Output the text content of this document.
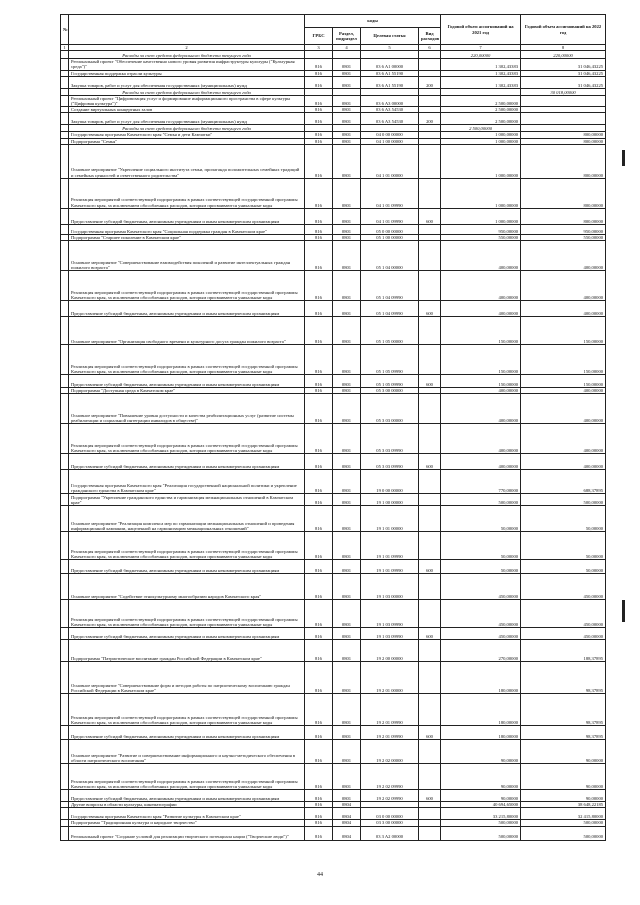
№		коды				Годовой объем ассигнований на 2021 год	Годовой объем ассигнований на 2022 год
		ГРБС	Раздел, подраздел	Целевая статья	Вид расходов		
1	2	3	4	5	6	7	8
	Расходы за счет средств федерального бюджета текущего года					220,00000	220,00000
	Региональный проект "Обеспечение качественно нового уровня развития инфраструктуры культуры ("Культурная среда")"	816	0801	03 6 A1 00000		1 302,43383	31 046,43225
	Государственная поддержка отрасли культуры	816	0801	03 6 A1 55190		1 302,43383	31 046,43225
	Закупка товаров, работ и услуг для обеспечения государственных (муниципальных) нужд	816	0801	03 6 A1 55190	200	1 302,43383	31 046,43225
	Расходы за счет средств федерального бюджета текущего года						30 018,00000
	Региональный проект "Цифровизация услуг и формирование информационного пространства в сфере культуры ("Цифровая культура")"	816	0801	03 6 A3 00000		2 500,00000	
	Создание виртуальных концертных залов	816	0801	03 6 A3 54530		2 500,00000	
	Закупка товаров, работ и услуг для обеспечения государственных (муниципальных) нужд	816	0801	03 6 A3 54530	200	2 500,00000	
	Расходы за счет средств федерального бюджета текущего года					2 500,00000	
	Государственная программа Камчатского края "Семья и дети Камчатки"	816	0801	04 0 00 00000		1 000,00000	800,00000
	Подпрограмма "Семья"	816	0801	04 1 00 00000		1 000,00000	800,00000
	Основное мероприятие "Укрепление социального института семьи, пропаганда положительных семейных традиций и семейных ценностей и ответственного родительства"	816	0801	04 1 01 00000		1 000,00000	800,00000
	Реализация мероприятий соответствующей подпрограммы в рамках соответствующей государственной программы Камчатского края, за исключением обособленных расходов, которым присваиваются уникальные коды	816	0801	04 1 01 09990		1 000,00000	800,00000
	Предоставление субсидий бюджетным, автономным учреждениям и иным некоммерческим организациям	816	0801	04 1 01 09990	600	1 000,00000	800,00000
	Государственная программа Камчатского края "Социальная поддержка граждан в Камчатском крае"	816	0801	05 0 00 00000		950,00000	950,00000
	Подпрограмма "Старшее поколение в Камчатском крае"	816	0801	05 1 00 00000		550,00000	550,00000
	Основное мероприятие "Совершенствование взаимодействия поколений и развитие интеллектуальных граждан пожилого возраста"	816	0801	05 1 04 00000		400,00000	400,00000
	Реализация мероприятий соответствующей подпрограммы в рамках соответствующей государственной программы Камчатского края, за исключением обособленных расходов, которым присваиваются уникальные коды	816	0801	05 1 04 09990		400,00000	400,00000
	Предоставление субсидий бюджетным, автономным учреждениям и иным некоммерческим организациям	816	0801	05 1 04 09990	600	400,00000	400,00000
	Основное мероприятие "Организация свободного времени и культурного досуга граждан пожилого возраста"	816	0801	05 1 05 00000		150,00000	150,00000
	Реализация мероприятий соответствующей подпрограммы в рамках соответствующей государственной программы Камчатского края, за исключением обособленных расходов, которым присваиваются уникальные коды	816	0801	05 1 05 09990		150,00000	150,00000
	Предоставление субсидий бюджетным, автономным учреждениям и иным некоммерческим организациям	816	0801	05 1 05 09990	600	150,00000	150,00000
	Подпрограмма "Доступная среда в Камчатском крае"	816	0801	05 3 00 00000		400,00000	400,00000
	Основное мероприятие "Повышение уровня доступности и качества реабилитационных услуг (развитие системы реабилитации и социальной интеграции инвалидов в обществе)"	816	0801	05 3 03 00000		400,00000	400,00000
	Реализация мероприятий соответствующей подпрограммы в рамках соответствующей государственной программы Камчатского края, за исключением обособленных расходов, которым присваиваются уникальные коды	816	0801	05 3 03 09990		400,00000	400,00000
	Предоставление субсидий бюджетным, автономным учреждениям и иным некоммерческим организациям	816	0801	05 3 03 09990	600	400,00000	400,00000
	Государственная программа Камчатского края "Реализация государственной национальной политики и укрепление гражданского единства в Камчатском крае"	816	0801	19 0 00 00000		770,00000	688,37895
	Подпрограмма "Укрепление гражданского единства и гармонизация межнациональных отношений в Камчатском крае"	816	0801	19 1 00 00000		500,00000	500,00000
	Основное мероприятие "Реализация комплекса мер по гармонизации межнациональных отношений и проведения информационной кампании, нацеленной на гармонизацию межнациональных отношений"	816	0801	19 1 01 00000		50,00000	50,00000
	Реализация мероприятий соответствующей подпрограммы в рамках соответствующей государственной программы Камчатского края, за исключением обособленных расходов, которым присваиваются уникальные коды	816	0801	19 1 01 09990		50,00000	50,00000
	Предоставление субсидий бюджетным, автономным учреждениям и иным некоммерческим организациям	816	0801	19 1 01 09990	600	50,00000	50,00000
	Основное мероприятие "Содействие этнокультурному многообразию народов Камчатского края"	816	0801	19 1 03 00000		450,00000	450,00000
	Реализация мероприятий соответствующей подпрограммы в рамках соответствующей государственной программы Камчатского края, за исключением обособленных расходов, которым присваиваются уникальные коды	816	0801	19 1 03 09990		450,00000	450,00000
	Предоставление субсидий бюджетным, автономным учреждениям и иным некоммерческим организациям	816	0801	19 1 03 09990	600	450,00000	450,00000
	Подпрограмма "Патриотическое воспитание граждан Российской Федерации в Камчатском крае"	816	0801	19 2 00 00000		270,00000	188,37895
	Основное мероприятие "Совершенствование форм и методов работы по патриотическому воспитанию граждан Российской Федерации в Камчатском крае"	816	0801	19 2 01 00000		180,00000	98,37895
	Реализация мероприятий соответствующей подпрограммы в рамках соответствующей государственной программы Камчатского края, за исключением обособленных расходов, которым присваиваются уникальные коды	816	0801	19 2 01 09990		180,00000	98,37895
	Предоставление субсидий бюджетным, автономным учреждениям и иным некоммерческим организациям	816	0801	19 2 01 09990	600	180,00000	98,37895
	Основное мероприятие "Развитие и совершенствование информационного и научно-методического обеспечения в области патриотического воспитания"	816	0801	19 2 02 00000		90,00000	90,00000
	Реализация мероприятий соответствующей подпрограммы в рамках соответствующей государственной программы Камчатского края, за исключением обособленных расходов, которым присваиваются уникальные коды	816	0801	19 2 02 09990		90,00000	90,00000
	Предоставление субсидий бюджетным, автономным учреждениям и иным некоммерческим организациям	816	0801	19 2 02 09990	600	90,00000	90,00000
	Другие вопросы в области культуры, кинематографии	816	0804			40 694,65000	38 648,22185
	Государственная программа Камчатского края "Развитие культуры в Камчатском крае"	816	0804	03 0 00 00000		33 215,80000	32 415,80000
	Подпрограмма "Традиционная культура и народное творчество"	816	0804	03 3 00 00000		500,00000	500,00000
	Региональный проект "Создание условий для реализации творческого потенциала нации ("Творческие люди")"	816	0804	03 3 A2 00000		500,00000	500,00000
44
